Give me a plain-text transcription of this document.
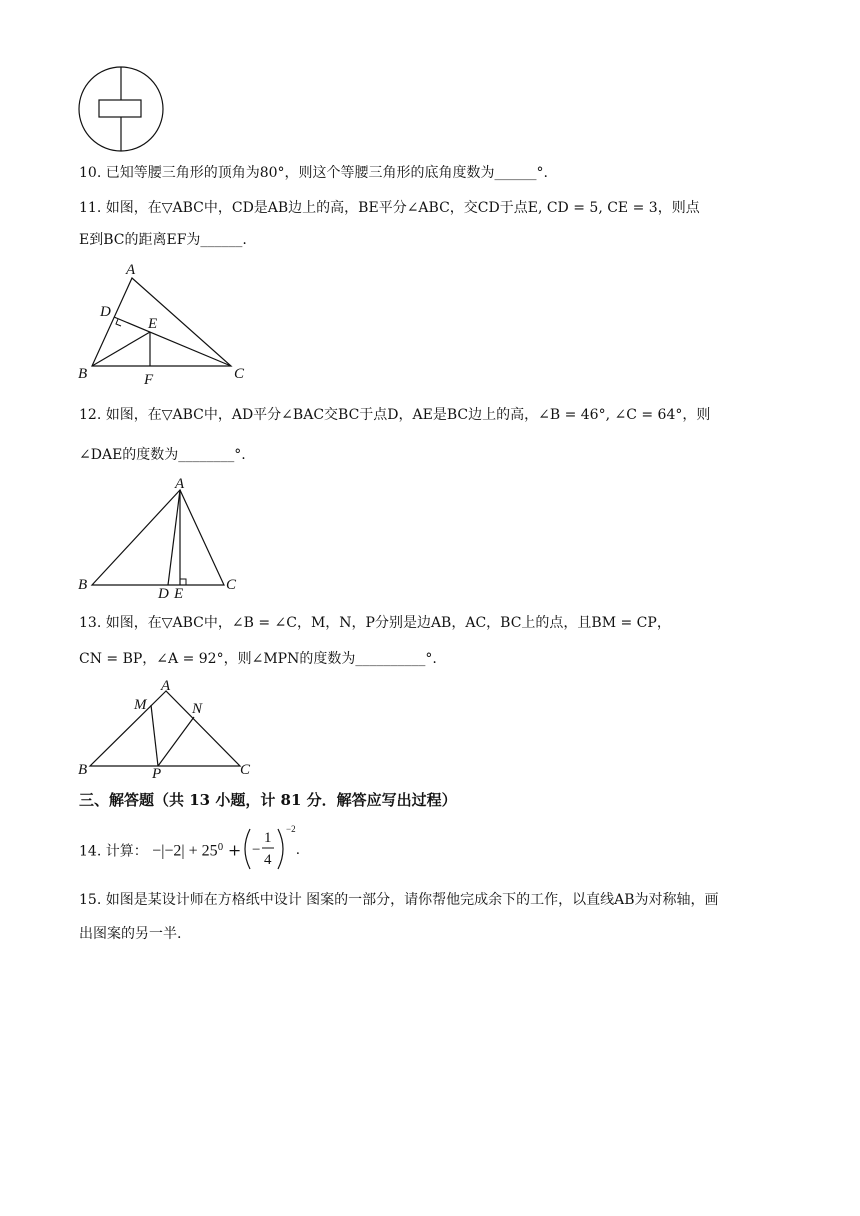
10. 已知等腰三角形的顶角为80°，则这个等腰三角形的底角度数为______°.
11. 如图，在▽ABC中，CD是AB边上的高，BE平分∠ABC，交CD于点E, CD = 5, CE = 3，则点
E到BC的距离EF为______.
A
B	C
D
E
F
12. 如图，在▽ABC中，AD平分∠BAC交BC于点D，AE是BC边上的高，∠B = 46°, ∠C = 64°，则
∠DAE的度数为________°.
A
B	C
D E
13. 如图，在▽ABC中，∠B = ∠C，M，N，P分别是边AB，AC，BC上的点，且BM = CP，
CN = BP，∠A = 92°，则∠MPN的度数为__________°.
A
B	C
M	N
P
三、解答题（共 13 小题，计 81 分．解答应写出过程）
14. 计算： $-|-2| + 25^0$ + −
1
4
−2
.
15. 如图是某设计师在方格纸中设计 图案的一部分，请你帮他完成余下的工作，以直线AB为对称轴，画
出图案的另一半.
